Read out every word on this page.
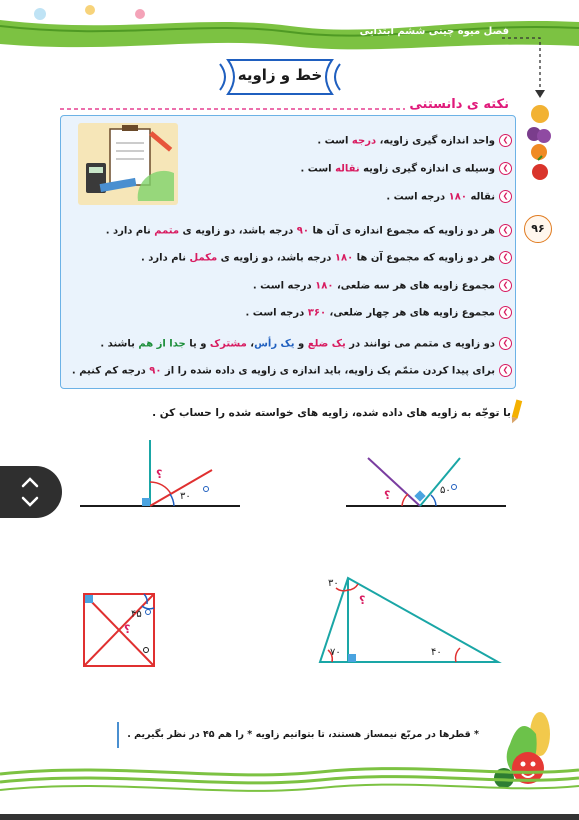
فصل میوه چینی ششم ابتدایی
خط و زاویه
نکته ی دانستنی
۹۶
❯واحد اندازه گیری زاویه، درجه است .
❯وسیله ی اندازه گیری زاویه نقاله است .
❯نقاله ۱۸۰ درجه است .
❯هر دو زاویه که مجموع اندازه ی آن ها ۹۰ درجه باشد، دو زاویه ی متمم نام دارد .
❯هر دو زاویه که مجموع آن ها ۱۸۰ درجه باشد، دو زاویه ی مکمل نام دارد .
❯مجموع زاویه های هر سه ضلعی، ۱۸۰ درجه است .
❯مجموع زاویه های هر چهار ضلعی، ۳۶۰ درجه است .
❯دو زاویه ی متمم می توانند در یک ضلع و یک رأس، مشترک و یا جدا از هم باشند .
❯برای پیدا کردن متمّم یک زاویه، باید اندازه ی زاویه ی داده شده را از ۹۰ درجه کم کنیم .
با توجّه به زاویه های داده شده، زاویه های خواسته شده را حساب کن .
؟
۳۰	؟	۵۰
؟
۴۵
۳۰
؟
۷۰	۴۰
* قطرها در مربّع نیمساز هستند، تا بتوانیم زاویه * را هم ۴۵ در نظر بگیریم .
